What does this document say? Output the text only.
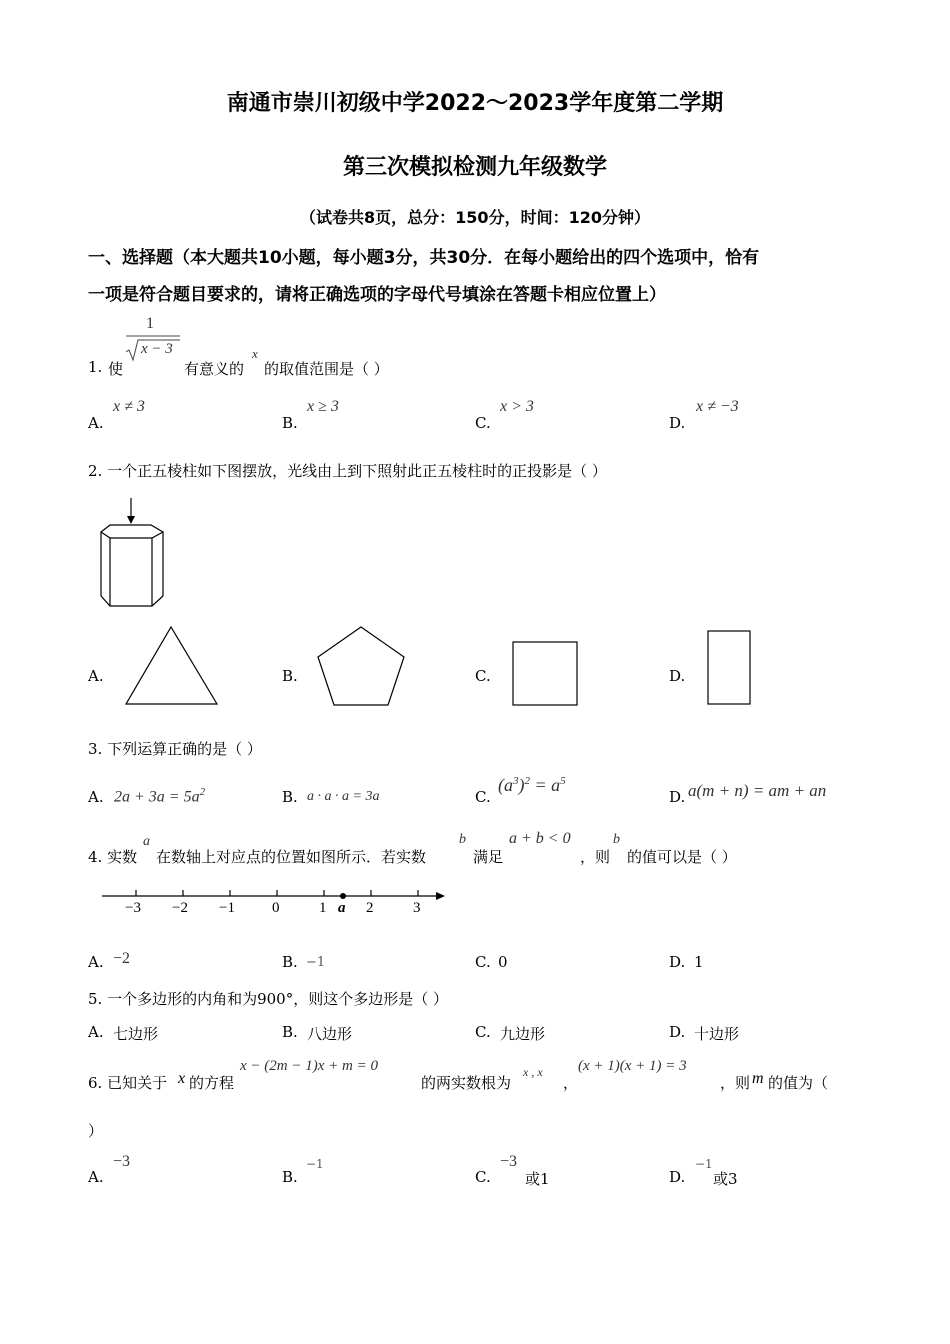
南通市崇川初级中学2022～2023学年度第二学期
第三次模拟检测九年级数学
（试卷共8页，总分：150分，时间：120分钟）
一、选择题（本大题共10小题，每小题3分，共30分．在每小题给出的四个选项中，恰有
一项是符合题目要求的，请将正确选项的字母代号填涂在答题卡相应位置上）
1. 使
1
x − 3
有意义的
x
的取值范围是（ ）
A.
x ≠ 3
B.
x ≥ 3
C.
x > 3
D.
x ≠ −3
2. 一个正五棱柱如下图摆放，光线由上到下照射此正五棱柱时的正投影是（ ）
A.	B.	C.	D.
3. 下列运算正确的是（ ）
A. $2a + 3a = 5a^2$	B. a · a · a = 3a	C.
$(a^3)^2 = a^5$
D. a(m + n) = am + an
4. 实数
a
在数轴上对应点的位置如图所示．若实数
b
满足
a + b < 0
，则
b
的值可以是（ ）
−3 −2 −1 0	1	2	3
a
A. −2	B. −1	C. 0	D. 1
5. 一个多边形的内角和为900°，则这个多边形是（ ）
A. 七边形	B. 八边形	C. 九边形	D. 十边形
6. 已知关于 x 的方程
x − (2m − 1)x + m = 0
的两实数根为
x , x
，
(x + 1)(x + 1) = 3
，则 m 的值为（
）
A.
−3
B.
−1
C.
−3
或1	D.
−1
或3
